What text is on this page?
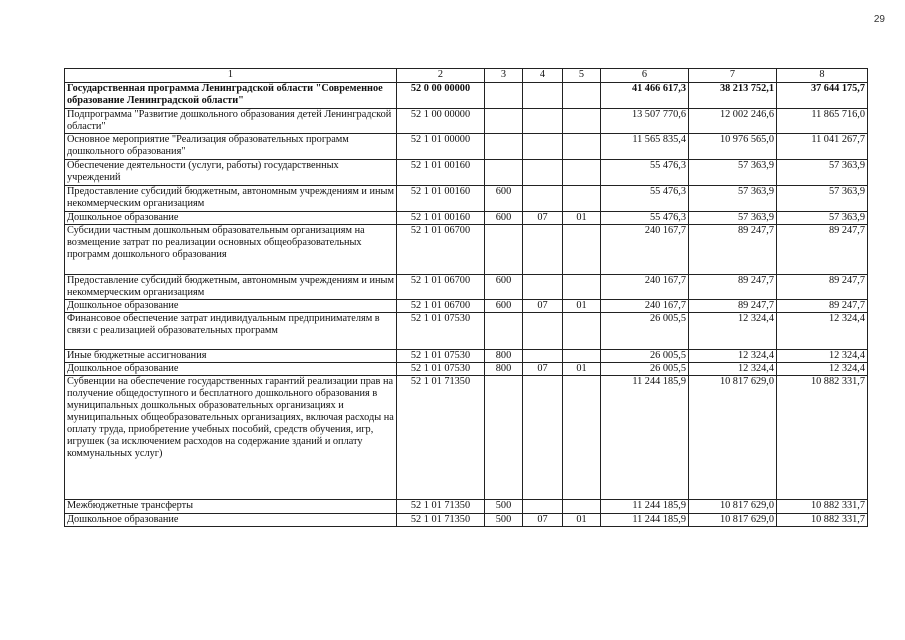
29
1	2	3	4	5	6	7	8
Государственная программа Ленинградской области "Современное образование Ленинградской области"	52 0 00 00000				41 466 617,3	38 213 752,1	37 644 175,7
Подпрограмма "Развитие дошкольного образования детей Ленинградской области"	52 1 00 00000				13 507 770,6	12 002 246,6	11 865 716,0
Основное мероприятие "Реализация образовательных программ дошкольного образования"	52 1 01 00000				11 565 835,4	10 976 565,0	11 041 267,7
Обеспечение деятельности (услуги, работы) государственных учреждений	52 1 01 00160				55 476,3	57 363,9	57 363,9
Предоставление субсидий бюджетным, автономным учреждениям и иным некоммерческим организациям	52 1 01 00160	600			55 476,3	57 363,9	57 363,9
Дошкольное образование	52 1 01 00160	600	07	01	55 476,3	57 363,9	57 363,9
Субсидии частным дошкольным образовательным организациям на возмещение затрат по реализации основных общеобразовательных программ дошкольного образования	52 1 01 06700				240 167,7	89 247,7	89 247,7
Предоставление субсидий бюджетным, автономным учреждениям и иным некоммерческим организациям	52 1 01 06700	600			240 167,7	89 247,7	89 247,7
Дошкольное образование	52 1 01 06700	600	07	01	240 167,7	89 247,7	89 247,7
Финансовое обеспечение затрат индивидуальным предпринимателям в связи с реализацией образовательных программ	52 1 01 07530				26 005,5	12 324,4	12 324,4
Иные бюджетные ассигнования	52 1 01 07530	800			26 005,5	12 324,4	12 324,4
Дошкольное образование	52 1 01 07530	800	07	01	26 005,5	12 324,4	12 324,4
Субвенции на обеспечение государственных гарантий реализации прав на получение общедоступного и бесплатного дошкольного образования в муниципальных дошкольных образовательных организациях и муниципальных общеобразовательных организациях, включая расходы на оплату труда, приобретение учебных пособий, средств обучения, игр, игрушек (за исключением расходов на содержание зданий и оплату коммунальных услуг)	52 1 01 71350				11 244 185,9	10 817 629,0	10 882 331,7
Межбюджетные трансферты	52 1 01 71350	500			11 244 185,9	10 817 629,0	10 882 331,7
Дошкольное образование	52 1 01 71350	500	07	01	11 244 185,9	10 817 629,0	10 882 331,7
